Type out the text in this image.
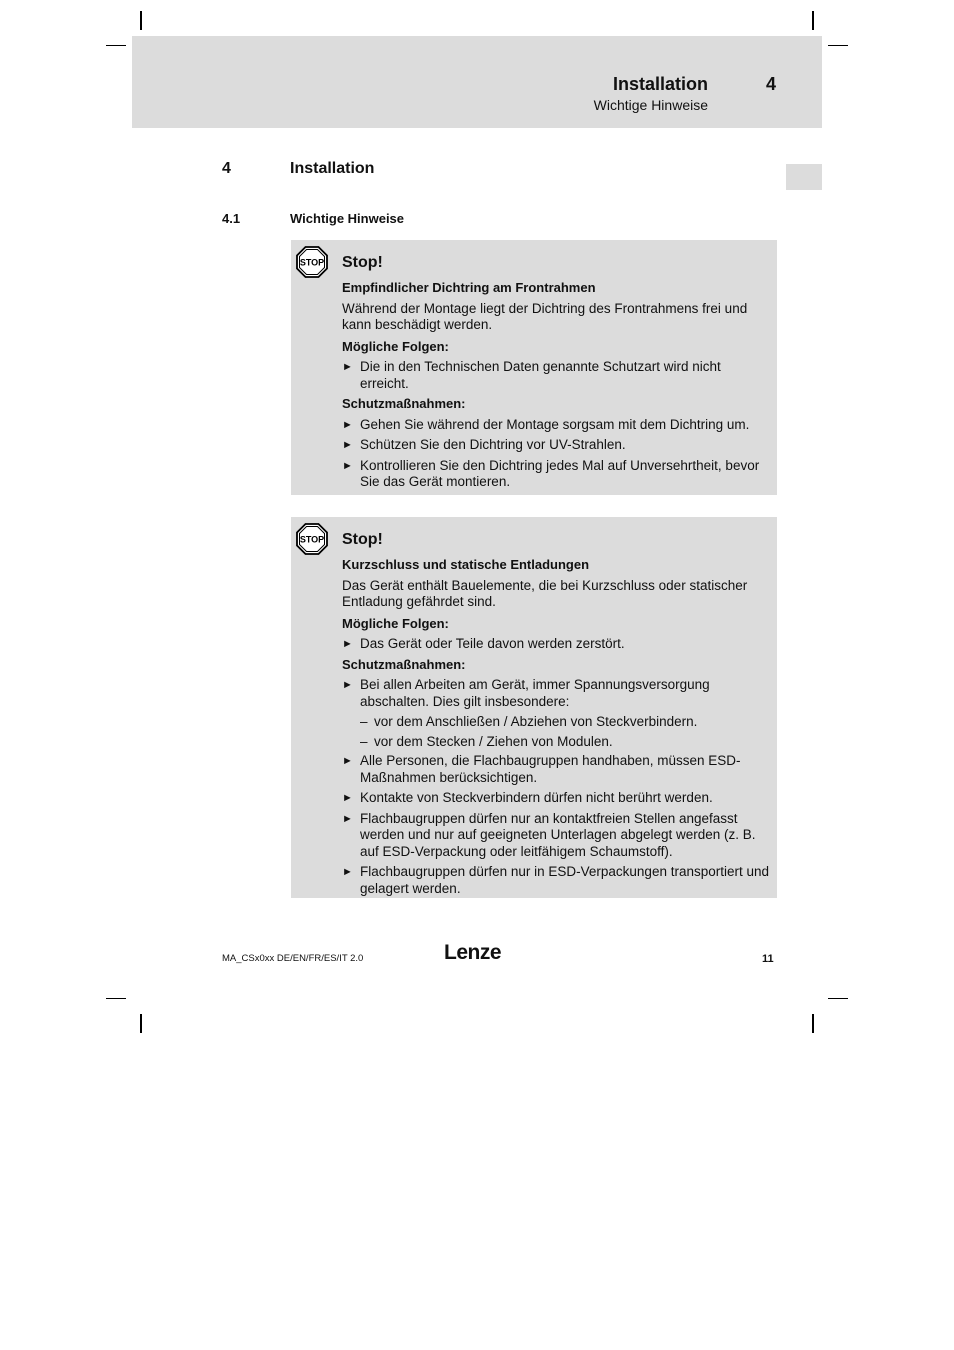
Installation	4
Wichtige Hinweise
4	Installation
4.1	Wichtige Hinweise
STOP Stop!
Empfindlicher Dichtring am Frontrahmen
Während der Montage liegt der Dichtring des Frontrahmens frei und kann beschädigt werden.
Mögliche Folgen:
► Die in den Technischen Daten genannte Schutzart wird nicht erreicht.
Schutzmaßnahmen:
► Gehen Sie während der Montage sorgsam mit dem Dichtring um.
► Schützen Sie den Dichtring vor UV-Strahlen.
► Kontrollieren Sie den Dichtring jedes Mal auf Unversehrtheit, bevor Sie das Gerät montieren.
STOP Stop!
Kurzschluss und statische Entladungen
Das Gerät enthält Bauelemente, die bei Kurzschluss oder statischer Entladung gefährdet sind.
Mögliche Folgen:
► Das Gerät oder Teile davon werden zerstört.
Schutzmaßnahmen:
► Bei allen Arbeiten am Gerät, immer Spannungsversorgung abschalten. Dies gilt insbesondere:
– vor dem Anschließen / Abziehen von Steckverbindern.
– vor dem Stecken / Ziehen von Modulen.
► Alle Personen, die Flachbaugruppen handhaben, müssen ESD-Maßnahmen berücksichtigen.
► Kontakte von Steckverbindern dürfen nicht berührt werden.
► Flachbaugruppen dürfen nur an kontaktfreien Stellen angefasst werden und nur auf geeigneten Unterlagen abgelegt werden (z. B. auf ESD-Verpackung oder leitfähigem Schaumstoff).
► Flachbaugruppen dürfen nur in ESD-Verpackungen transportiert und gelagert werden.
MA_CSx0xx DE/EN/FR/ES/IT 2.0	Lenze	11
